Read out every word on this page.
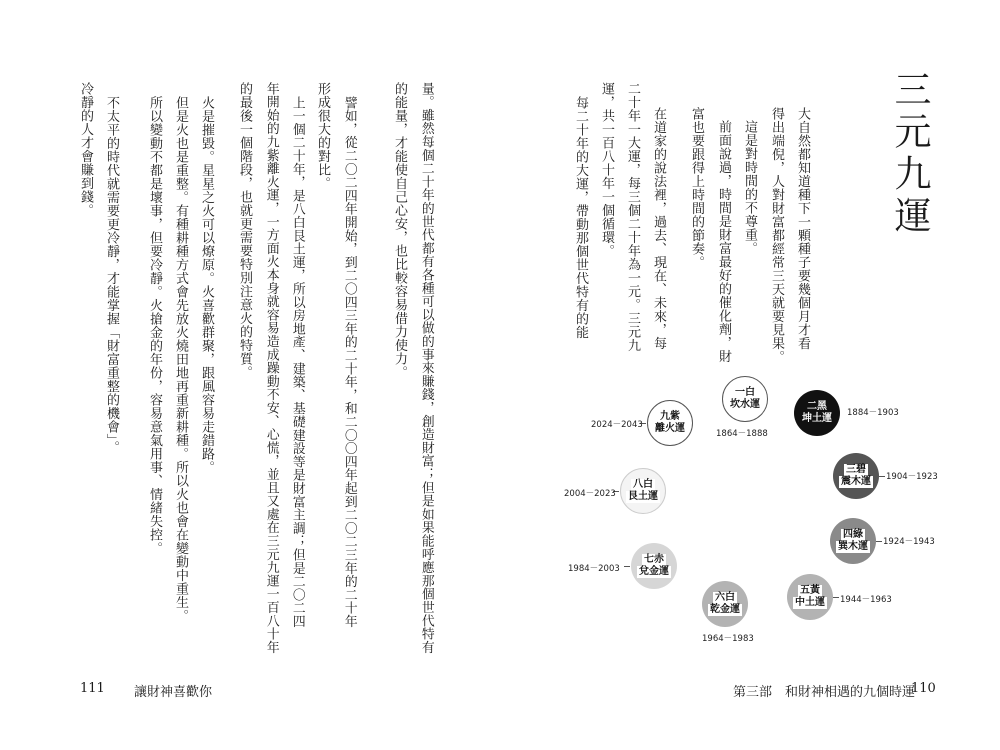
三元九運
大自然都知道種下一顆種子要幾個月才看
得出端倪，人對財富都經常三天就要見果。
這是對時間的不尊重。
前面說過，時間是財富最好的催化劑，財
富也要跟得上時間的節奏。
在道家的說法裡，過去、現在、未來，每
二十年一大運，每三個二十年為一元。三元九
運，共一百八十年一個循環。
每二十年的大運，帶動那個世代特有的能
量。雖然每個二十年的世代都有各種可以做的事來賺錢，創造財富；但是如果能呼應那個世代特有
的能量，才能使自己心安，也比較容易借力使力。
譬如，從二〇二四年開始，到二〇四三年的二十年，和二〇〇四年起到二〇二三年的二十年
形成很大的對比。
上一個二十年，是八白艮土運，所以房地產、建築、基礎建設等是財富主調；但是二〇二四
年開始的九紫離火運，一方面火本身就容易造成躁動不安、心慌，並且又處在三元九運一百八十年
的最後一個階段，也就更需要特別注意火的特質。
火是摧毀。星星之火可以燎原。火喜歡群聚，跟風容易走錯路。
但是火也是重整。有種耕種方式會先放火燒田地再重新耕種。所以火也會在變動中重生。
所以變動不都是壞事，但要冷靜。火搶金的年份，容易意氣用事、情緒失控。
不太平的時代就需要更冷靜，才能掌握「財富重整的機會」。
冷靜的人才會賺到錢。
一白
坎水運
1864－1888
二黑
坤土運 1884－1903
三碧
震木運 1904－1923
四綠
巽木運 1924－1943
五黃
中土運 1944－1963
六白
乾金運
1964－1983
七赤
兌金運
1984－2003
八白
艮土運
2004－2023
九紫
離火運
2024－2043
111 讓財神喜歡你	第三部　和財神相遇的九個時運
110
